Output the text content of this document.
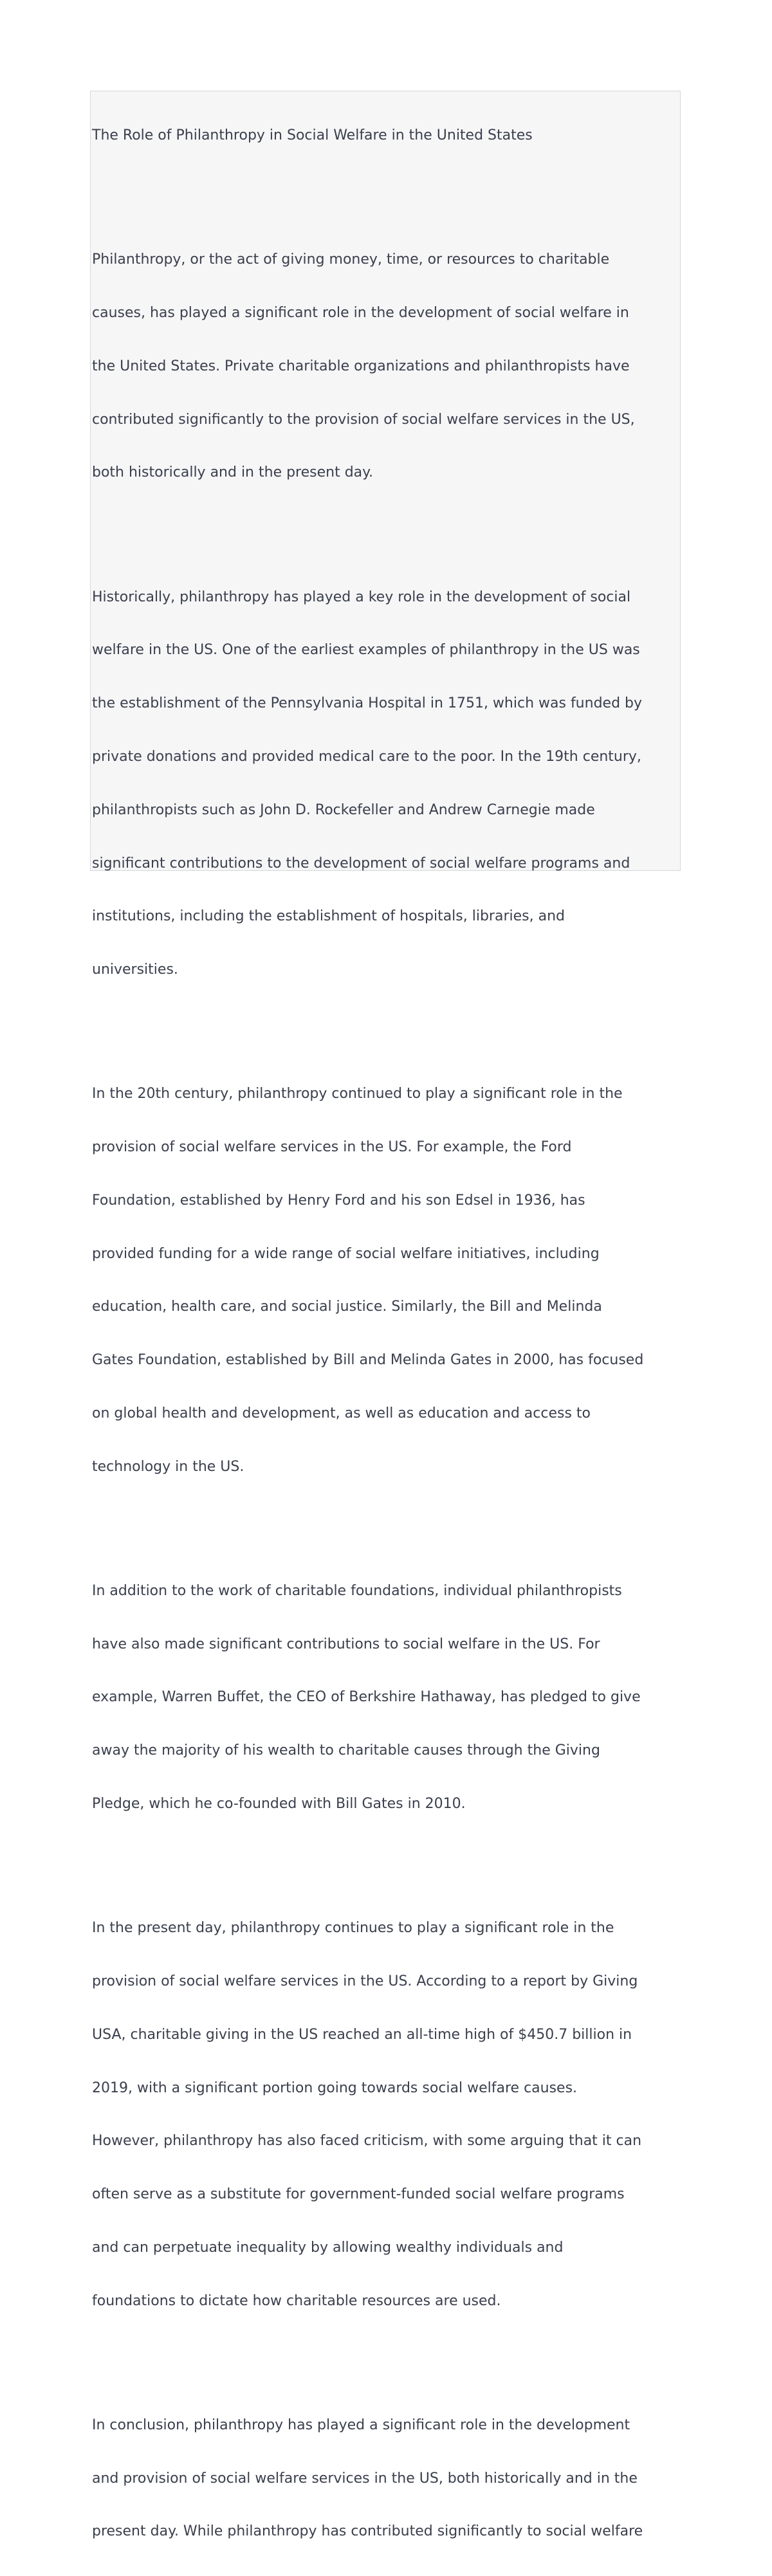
The Role of Philanthropy in Social Welfare in the United States

Philanthropy, or the act of giving money, time, or resources to charitable

causes, has played a significant role in the development of social welfare in

the United States. Private charitable organizations and philanthropists have

contributed significantly to the provision of social welfare services in the US,

both historically and in the present day.

Historically, philanthropy has played a key role in the development of social

welfare in the US. One of the earliest examples of philanthropy in the US was

the establishment of the Pennsylvania Hospital in 1751, which was funded by

private donations and provided medical care to the poor. In the 19th century,

philanthropists such as John D. Rockefeller and Andrew Carnegie made

significant contributions to the development of social welfare programs and

institutions, including the establishment of hospitals, libraries, and

universities.

In the 20th century, philanthropy continued to play a significant role in the

provision of social welfare services in the US. For example, the Ford

Foundation, established by Henry Ford and his son Edsel in 1936, has

provided funding for a wide range of social welfare initiatives, including

education, health care, and social justice. Similarly, the Bill and Melinda

Gates Foundation, established by Bill and Melinda Gates in 2000, has focused

on global health and development, as well as education and access to

technology in the US.

In addition to the work of charitable foundations, individual philanthropists

have also made significant contributions to social welfare in the US. For

example, Warren Buffet, the CEO of Berkshire Hathaway, has pledged to give

away the majority of his wealth to charitable causes through the Giving

Pledge, which he co-founded with Bill Gates in 2010.

In the present day, philanthropy continues to play a significant role in the

provision of social welfare services in the US. According to a report by Giving

USA, charitable giving in the US reached an all-time high of $450.7 billion in

2019, with a significant portion going towards social welfare causes.

However, philanthropy has also faced criticism, with some arguing that it can

often serve as a substitute for government-funded social welfare programs

and can perpetuate inequality by allowing wealthy individuals and

foundations to dictate how charitable resources are used.

In conclusion, philanthropy has played a significant role in the development

and provision of social welfare services in the US, both historically and in the

present day. While philanthropy has contributed significantly to social welfare
